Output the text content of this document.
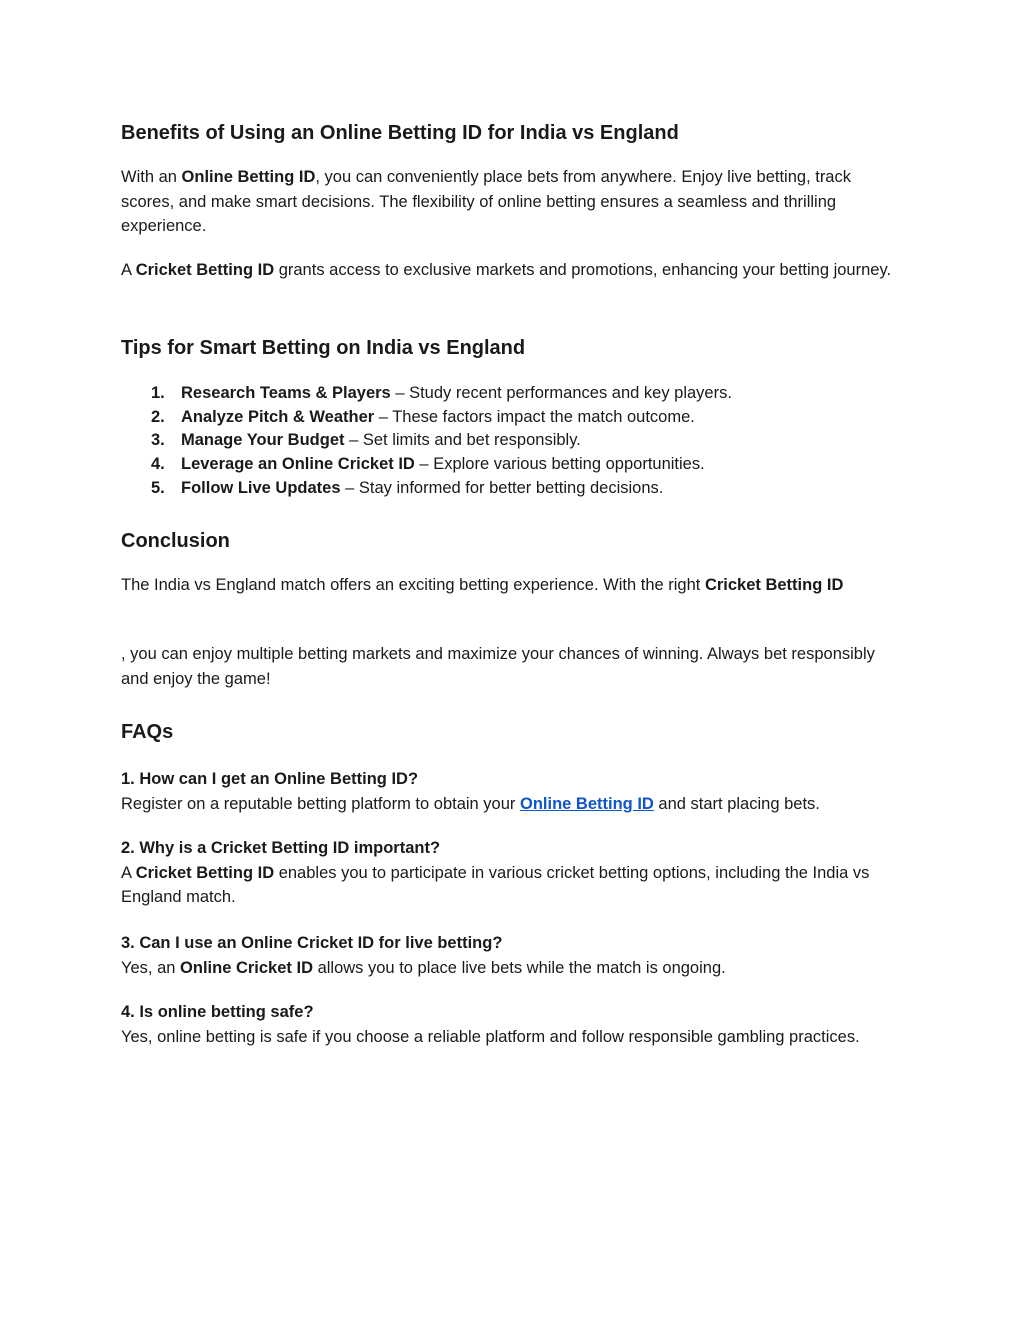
Benefits of Using an Online Betting ID for India vs England

With an Online Betting ID, you can conveniently place bets from anywhere. Enjoy live betting, track scores, and make smart decisions. The flexibility of online betting ensures a seamless and thrilling experience.

A Cricket Betting ID grants access to exclusive markets and promotions, enhancing your betting journey.

Tips for Smart Betting on India vs England
1. Research Teams & Players – Study recent performances and key players.
2. Analyze Pitch & Weather – These factors impact the match outcome.
3. Manage Your Budget – Set limits and bet responsibly.
4. Leverage an Online Cricket ID – Explore various betting opportunities.
5. Follow Live Updates – Stay informed for better betting decisions.
Conclusion

The India vs England match offers an exciting betting experience. With the right Cricket Betting ID

, you can enjoy multiple betting markets and maximize your chances of winning. Always bet responsibly and enjoy the game!

FAQs

1. How can I get an Online Betting ID?
Register on a reputable betting platform to obtain your Online Betting ID and start placing bets.

2. Why is a Cricket Betting ID important?
A Cricket Betting ID enables you to participate in various cricket betting options, including the India vs England match.

3. Can I use an Online Cricket ID for live betting?
Yes, an Online Cricket ID allows you to place live bets while the match is ongoing.

4. Is online betting safe?
Yes, online betting is safe if you choose a reliable platform and follow responsible gambling practices.
